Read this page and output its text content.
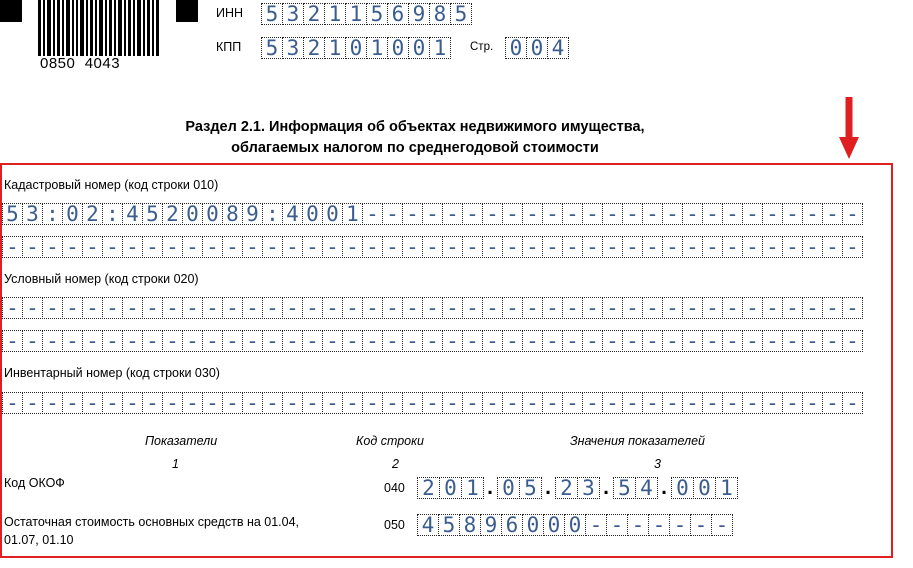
0850  4043
ИНН 5 3 2 1 1 5 6 9 8 5
КПП 5 3 2 1 0 1 0 0 1	Стр. 0 0 4
Раздел 2.1. Информация об объектах недвижимого имущества,
облагаемых налогом по среднегодовой стоимости
Кадастровый номер (код строки 010)
5 3 : 0 2 : 4 5 2 0 0 8 9 : 4 0 0 1 - - - - - - - - - - - - - - - - - - - - - - - - -
- - - - - - - - - - - - - - - - - - - - - - - - - - - - - - - - - - - - - - - - - - -
Условный номер (код строки 020)
- - - - - - - - - - - - - - - - - - - - - - - - - - - - - - - - - - - - - - - - - - -
- - - - - - - - - - - - - - - - - - - - - - - - - - - - - - - - - - - - - - - - - - -
Инвентарный номер (код строки 030)
- - - - - - - - - - - - - - - - - - - - - - - - - - - - - - - - - - - - - - - - - - -
Показатели	Код строки	Значения показателей
1	2	3
Код ОКОФ	040 2 0 1 . 0 5 . 2 3 . 5 4 . 0 0 1
Остаточная стоимость основных средств на 01.04,
01.07, 01.10
050 4 5 8 9 6 0 0 0 - - - - - - -
